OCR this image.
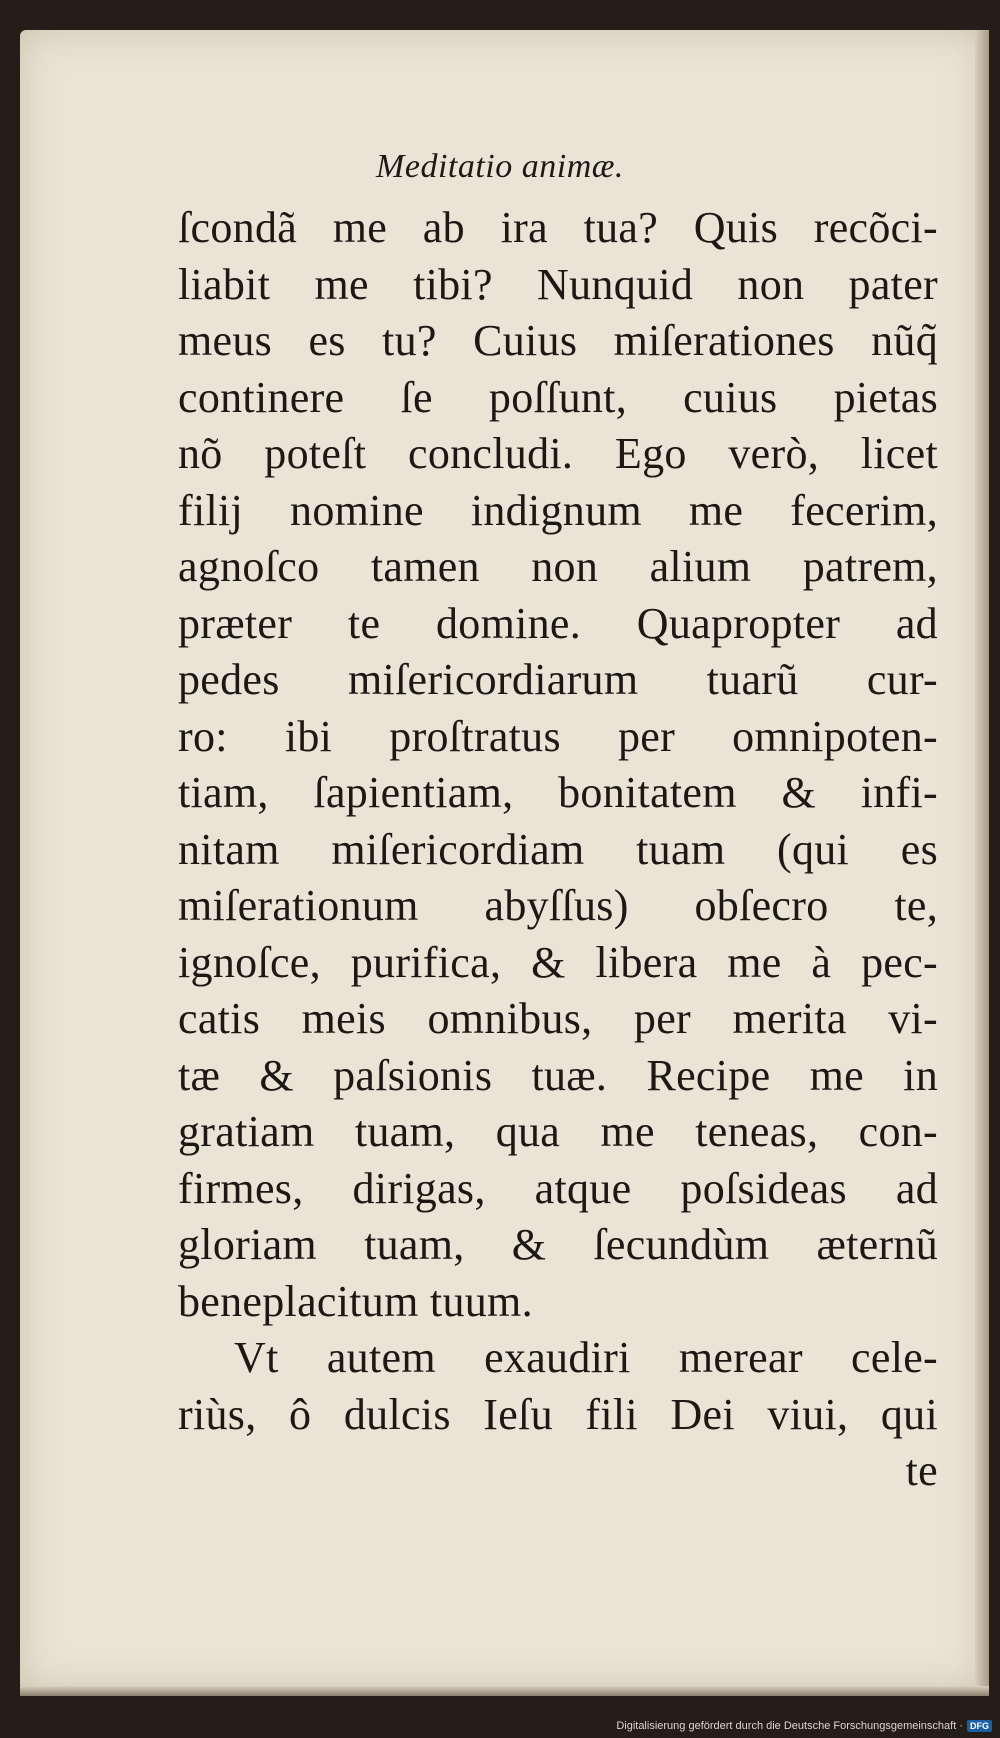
Meditatio animæ.
ſcondã me ab ira tua? Quis recõci-
liabit me tibi? Nunquid non pater
meus es tu? Cuius miſerationes nũq̃
continere ſe poſſunt, cuius pietas
nõ poteſt concludi. Ego verò, licet
filij nomine indignum me fecerim,
agnoſco tamen non alium patrem,
præter te domine. Quapropter ad
pedes miſericordiarum tuarũ cur-
ro: ibi proſtratus per omnipoten-
tiam, ſapientiam, bonitatem & infi-
nitam miſericordiam tuam (qui es
miſerationum abyſſus) obſecro te,
ignoſce, purifica, & libera me à pec-
catis meis omnibus, per merita vi-
tæ & paſsionis tuæ. Recipe me in
gratiam tuam, qua me teneas, con-
firmes, dirigas, atque poſsideas ad
gloriam tuam, & ſecundùm æternũ
beneplacitum tuum.
Vt autem exaudiri merear cele-
riùs, ô dulcis Ieſu fili Dei viui, qui
te
Digitalisierung gefördert durch die Deutsche Forschungsgemeinschaft · DFG
